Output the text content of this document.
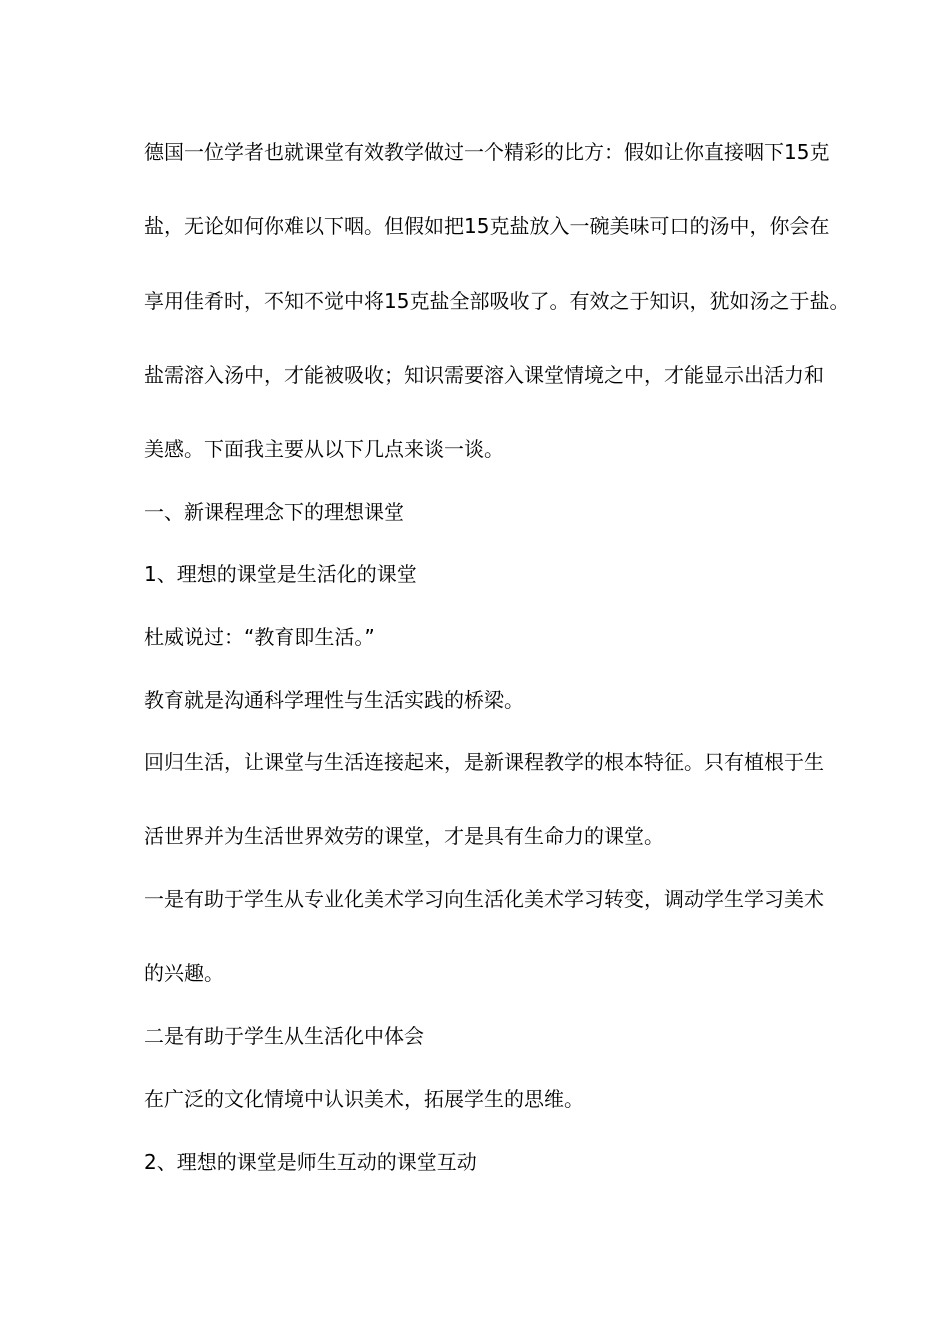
德国一位学者也就课堂有效教学做过一个精彩的比方：假如让你直接咽下15克

盐，无论如何你难以下咽。但假如把15克盐放入一碗美味可口的汤中，你会在

享用佳肴时，不知不觉中将15克盐全部吸收了。有效之于知识，犹如汤之于盐。

盐需溶入汤中，才能被吸收；知识需要溶入课堂情境之中，才能显示出活力和

美感。下面我主要从以下几点来谈一谈。

一、新课程理念下的理想课堂

1、理想的课堂是生活化的课堂

杜威说过：“教育即生活。”

教育就是沟通科学理性与生活实践的桥梁。

回归生活，让课堂与生活连接起来，是新课程教学的根本特征。只有植根于生

活世界并为生活世界效劳的课堂，才是具有生命力的课堂。

一是有助于学生从专业化美术学习向生活化美术学习转变，调动学生学习美术

的兴趣。

二是有助于学生从生活化中体会

在广泛的文化情境中认识美术，拓展学生的思维。

2、理想的课堂是师生互动的课堂互动
